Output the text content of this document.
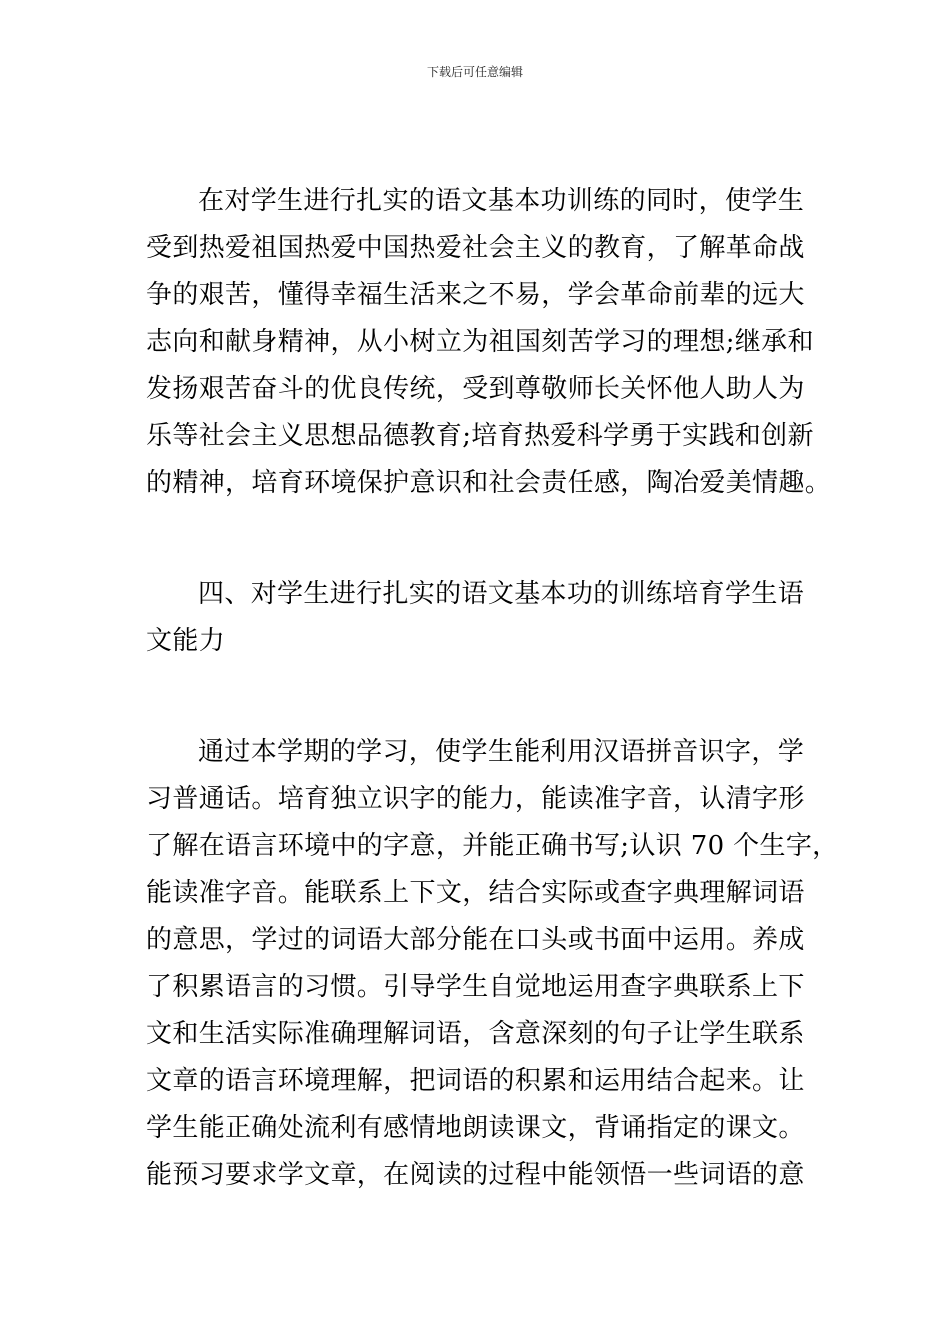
下载后可任意编辑

在对学生进行扎实的语文基本功训练的同时，使学生
受到热爱祖国热爱中国热爱社会主义的教育，了解革命战
争的艰苦，懂得幸福生活来之不易，学会革命前辈的远大
志向和献身精神，从小树立为祖国刻苦学习的理想;继承和
发扬艰苦奋斗的优良传统，受到尊敬师长关怀他人助人为
乐等社会主义思想品德教育;培育热爱科学勇于实践和创新
的精神，培育环境保护意识和社会责任感，陶冶爱美情趣。

四、对学生进行扎实的语文基本功的训练培育学生语
文能力

通过本学期的学习，使学生能利用汉语拼音识字，学
习普通话。培育独立识字的能力，能读准字音，认清字形
了解在语言环境中的字意，并能正确书写;认识 70 个生字，
能读准字音。能联系上下文，结合实际或查字典理解词语
的意思，学过的词语大部分能在口头或书面中运用。养成
了积累语言的习惯。引导学生自觉地运用查字典联系上下
文和生活实际准确理解词语，含意深刻的句子让学生联系
文章的语言环境理解，把词语的积累和运用结合起来。让
学生能正确处流利有感情地朗读课文，背诵指定的课文。
能预习要求学文章，在阅读的过程中能领悟一些词语的意
